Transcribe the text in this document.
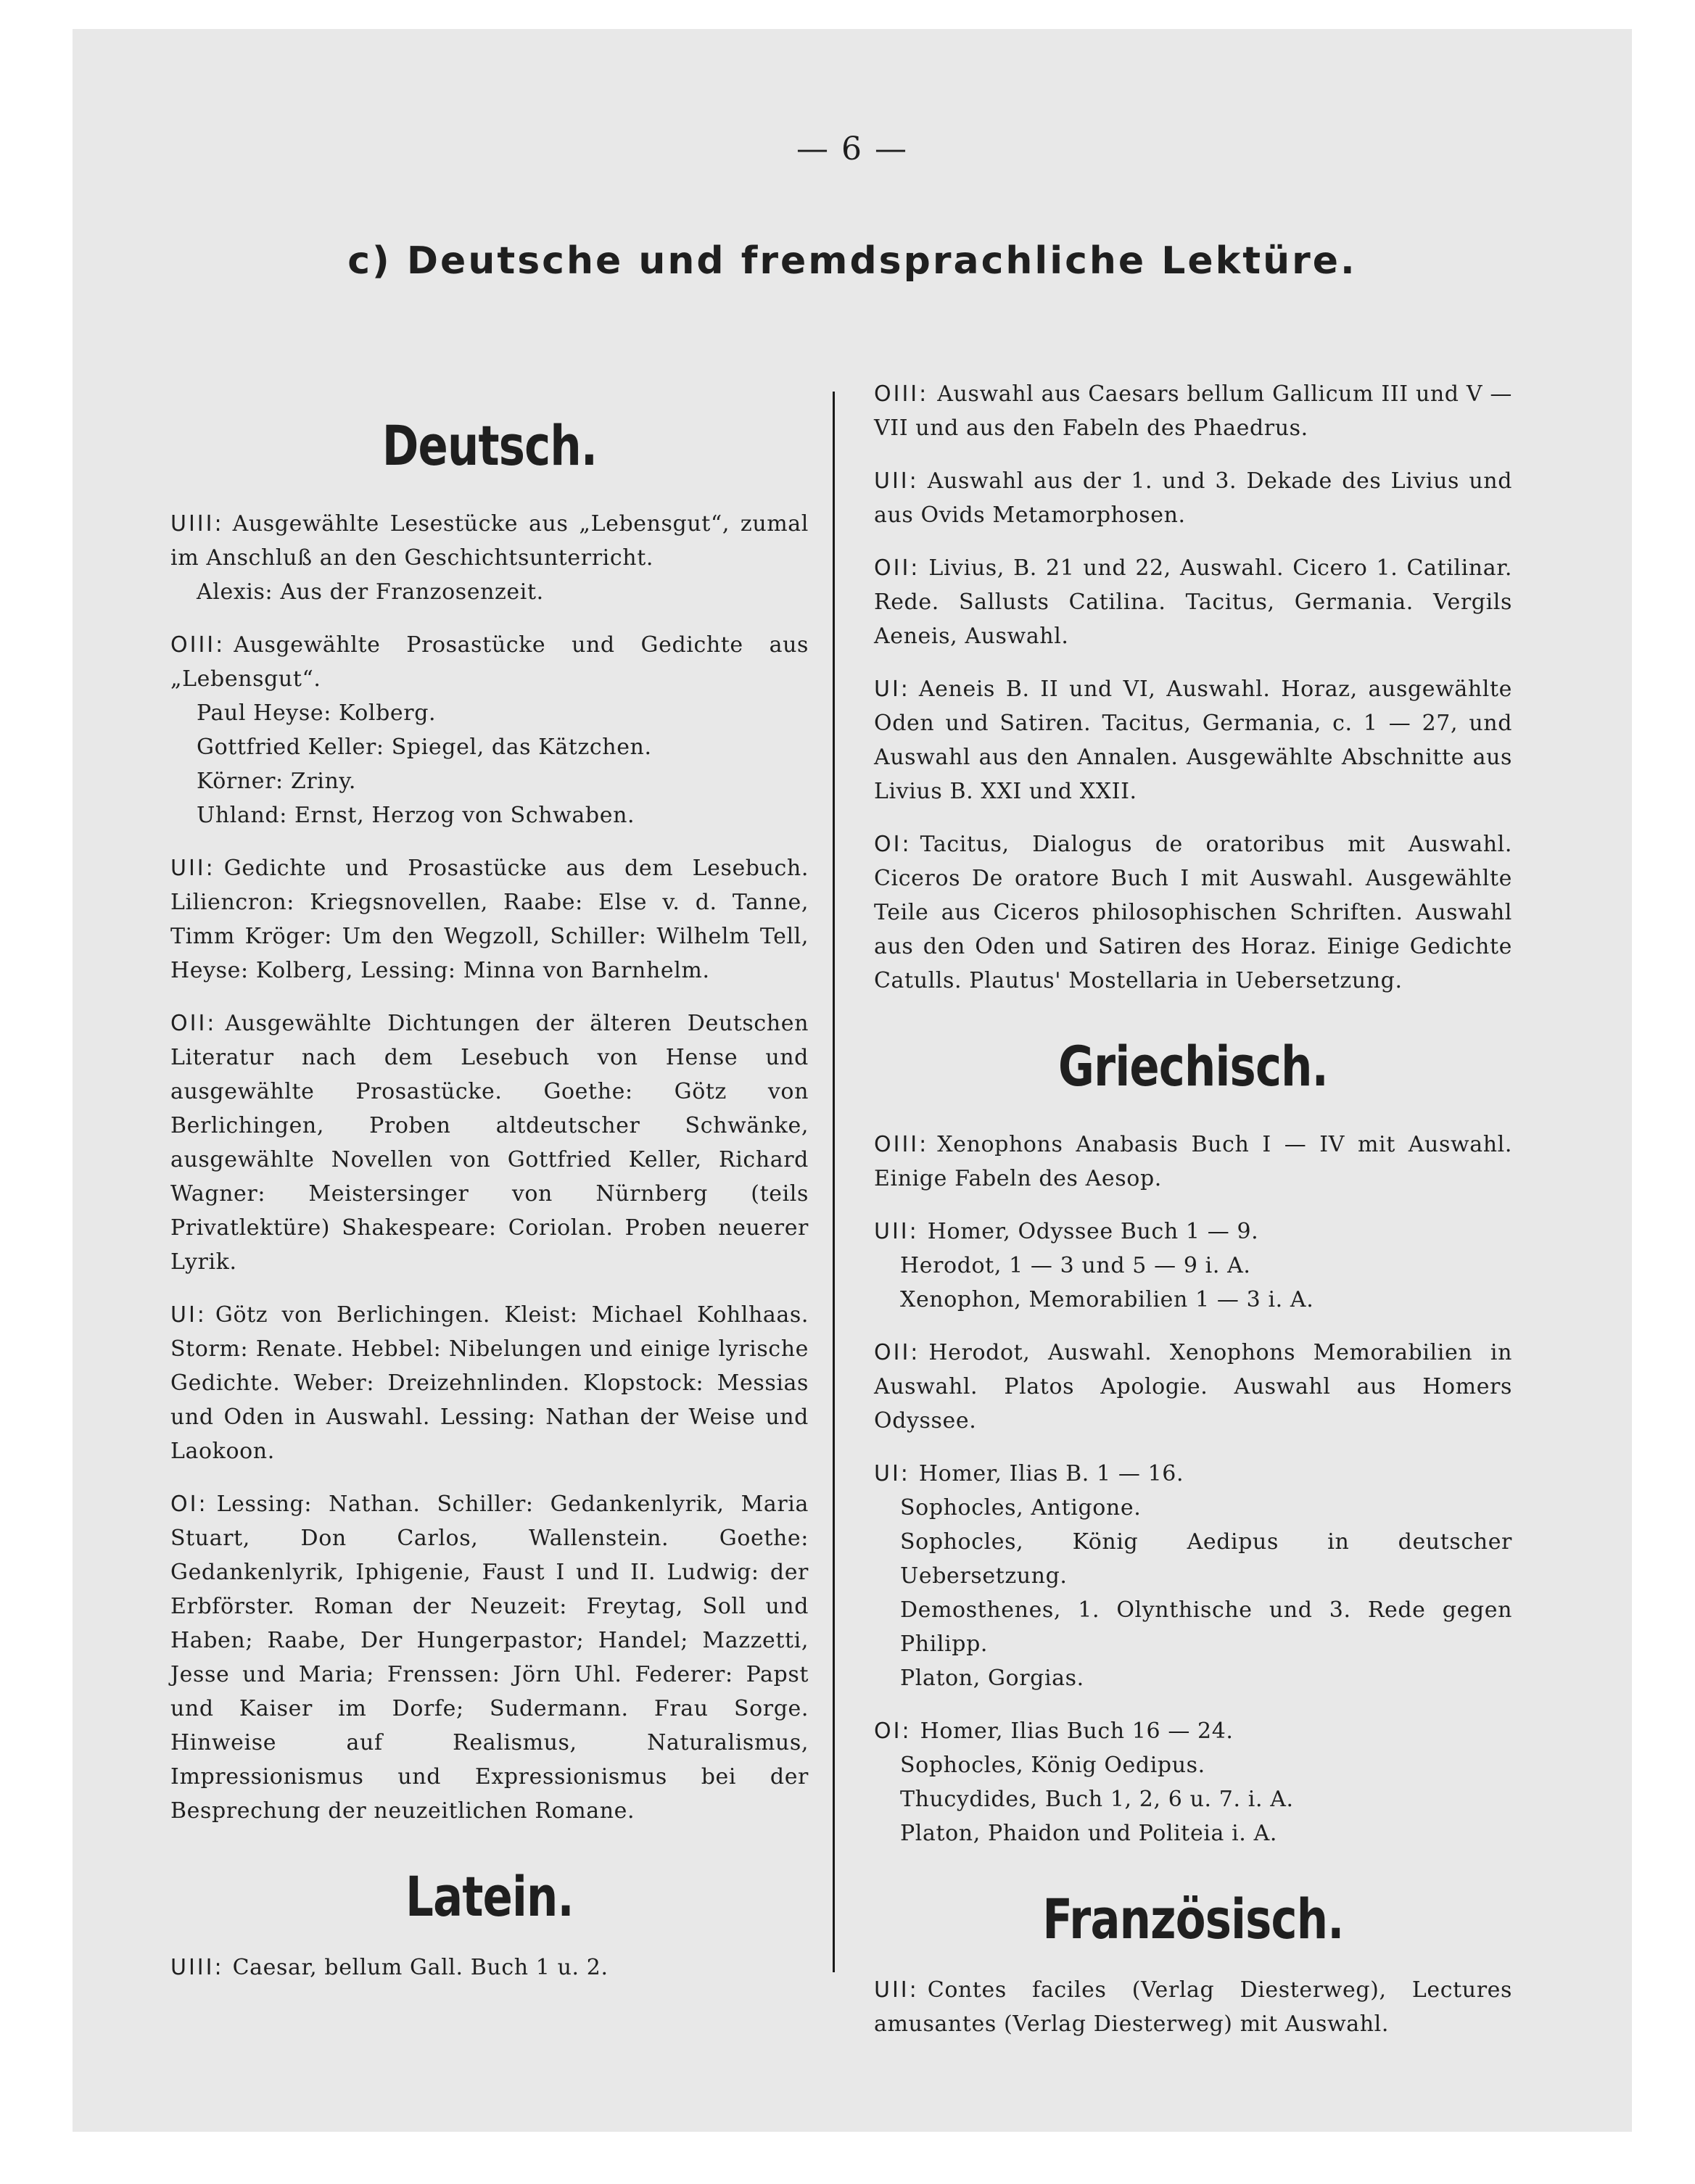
— 6 —
c) Deutsche und fremdsprachliche Lektüre.
Deutsch.
UIII: Ausgewählte Lesestücke aus „Lebensgut“, zumal im Anschluß an den Geschichtsunterricht.
Alexis: Aus der Franzosenzeit.
OIII: Ausgewählte Prosastücke und Gedichte aus „Lebensgut“.
Paul Heyse: Kolberg.
Gottfried Keller: Spiegel, das Kätzchen.
Körner: Zriny.
Uhland: Ernst, Herzog von Schwaben.
UII: Gedichte und Prosastücke aus dem Lesebuch. Liliencron: Kriegsnovellen, Raabe: Else v. d. Tanne, Timm Kröger: Um den Wegzoll, Schiller: Wilhelm Tell, Heyse: Kolberg, Lessing: Minna von Barnhelm.
OII: Ausgewählte Dichtungen der älteren Deutschen Literatur nach dem Lesebuch von Hense und ausgewählte Prosastücke. Goethe: Götz von Berlichingen, Proben altdeutscher Schwänke, ausgewählte Novellen von Gottfried Keller, Richard Wagner: Meistersinger von Nürnberg (teils Privatlektüre) Shakespeare: Coriolan. Proben neuerer Lyrik.
UI: Götz von Berlichingen. Kleist: Michael Kohlhaas. Storm: Renate. Hebbel: Nibelungen und einige lyrische Gedichte. Weber: Dreizehnlinden. Klopstock: Messias und Oden in Auswahl. Lessing: Nathan der Weise und Laokoon.
OI: Lessing: Nathan. Schiller: Gedankenlyrik, Maria Stuart, Don Carlos, Wallenstein. Goethe: Gedankenlyrik, Iphigenie, Faust I und II. Ludwig: der Erbförster. Roman der Neuzeit: Freytag, Soll und Haben; Raabe, Der Hungerpastor; Handel; Mazzetti, Jesse und Maria; Frenssen: Jörn Uhl. Federer: Papst und Kaiser im Dorfe; Sudermann. Frau Sorge. Hinweise auf Realismus, Naturalismus, Impressionismus und Expressionismus bei der Besprechung der neuzeitlichen Romane.
Latein.
UIII: Caesar, bellum Gall. Buch 1 u. 2.
OIII: Auswahl aus Caesars bellum Gallicum III und V — VII und aus den Fabeln des Phaedrus.
UII: Auswahl aus der 1. und 3. Dekade des Livius und aus Ovids Metamorphosen.
OII: Livius, B. 21 und 22, Auswahl. Cicero 1. Catilinar. Rede. Sallusts Catilina. Tacitus, Germania. Vergils Aeneis, Auswahl.
UI: Aeneis B. II und VI, Auswahl. Horaz, ausgewählte Oden und Satiren. Tacitus, Germania, c. 1 — 27, und Auswahl aus den Annalen. Ausgewählte Abschnitte aus Livius B. XXI und XXII.
OI: Tacitus, Dialogus de oratoribus mit Auswahl. Ciceros De oratore Buch I mit Auswahl. Ausgewählte Teile aus Ciceros philosophischen Schriften. Auswahl aus den Oden und Satiren des Horaz. Einige Gedichte Catulls. Plautus' Mostellaria in Uebersetzung.
Griechisch.
OIII: Xenophons Anabasis Buch I — IV mit Auswahl. Einige Fabeln des Aesop.
UII: Homer, Odyssee Buch 1 — 9.
Herodot, 1 — 3 und 5 — 9 i. A.
Xenophon, Memorabilien 1 — 3 i. A.
OII: Herodot, Auswahl. Xenophons Memorabilien in Auswahl. Platos Apologie. Auswahl aus Homers Odyssee.
UI: Homer, Ilias B. 1 — 16.
Sophocles, Antigone.
Sophocles, König Aedipus in deutscher Uebersetzung.
Demosthenes, 1. Olynthische und 3. Rede gegen Philipp.
Platon, Gorgias.
OI: Homer, Ilias Buch 16 — 24.
Sophocles, König Oedipus.
Thucydides, Buch 1, 2, 6 u. 7. i. A.
Platon, Phaidon und Politeia i. A.
Französisch.
UII: Contes faciles (Verlag Diesterweg), Lectures amusantes (Verlag Diesterweg) mit Auswahl.
